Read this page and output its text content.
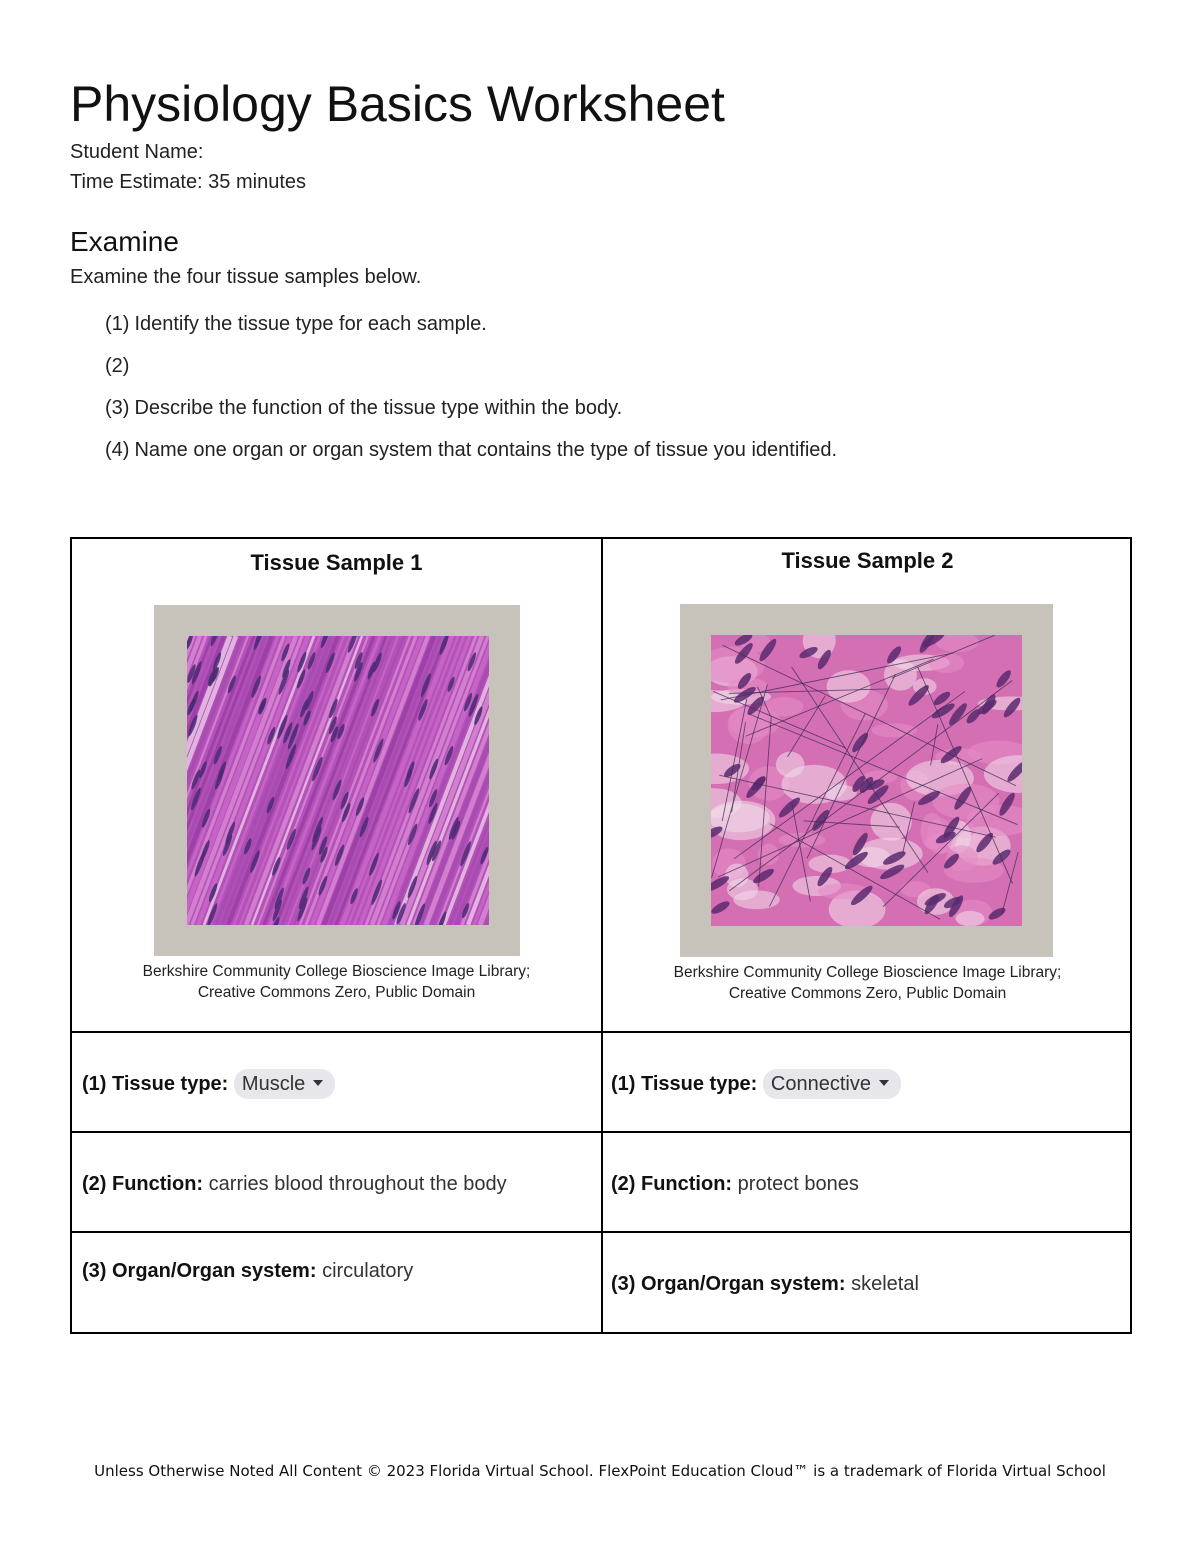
Physiology Basics Worksheet
Student Name:
Time Estimate: 35 minutes
Examine
Examine the four tissue samples below.
(1) Identify the tissue type for each sample.
(2)
(3) Describe the function of the tissue type within the body.
(4) Name one organ or organ system that contains the type of tissue you identified.
Tissue Sample 1
Berkshire Community College Bioscience Image Library;
Creative Commons Zero, Public Domain
Tissue Sample 2
Berkshire Community College Bioscience Image Library;
Creative Commons Zero, Public Domain
(1) Tissue type: Muscle	(1) Tissue type: Connective
(2) Function: carries blood throughout the body	(2) Function: protect bones
(3) Organ/Organ system: circulatory
(3) Organ/Organ system: skeletal
Unless Otherwise Noted All Content © 2023 Florida Virtual School. FlexPoint Education Cloud™ is a trademark of Florida Virtual School
